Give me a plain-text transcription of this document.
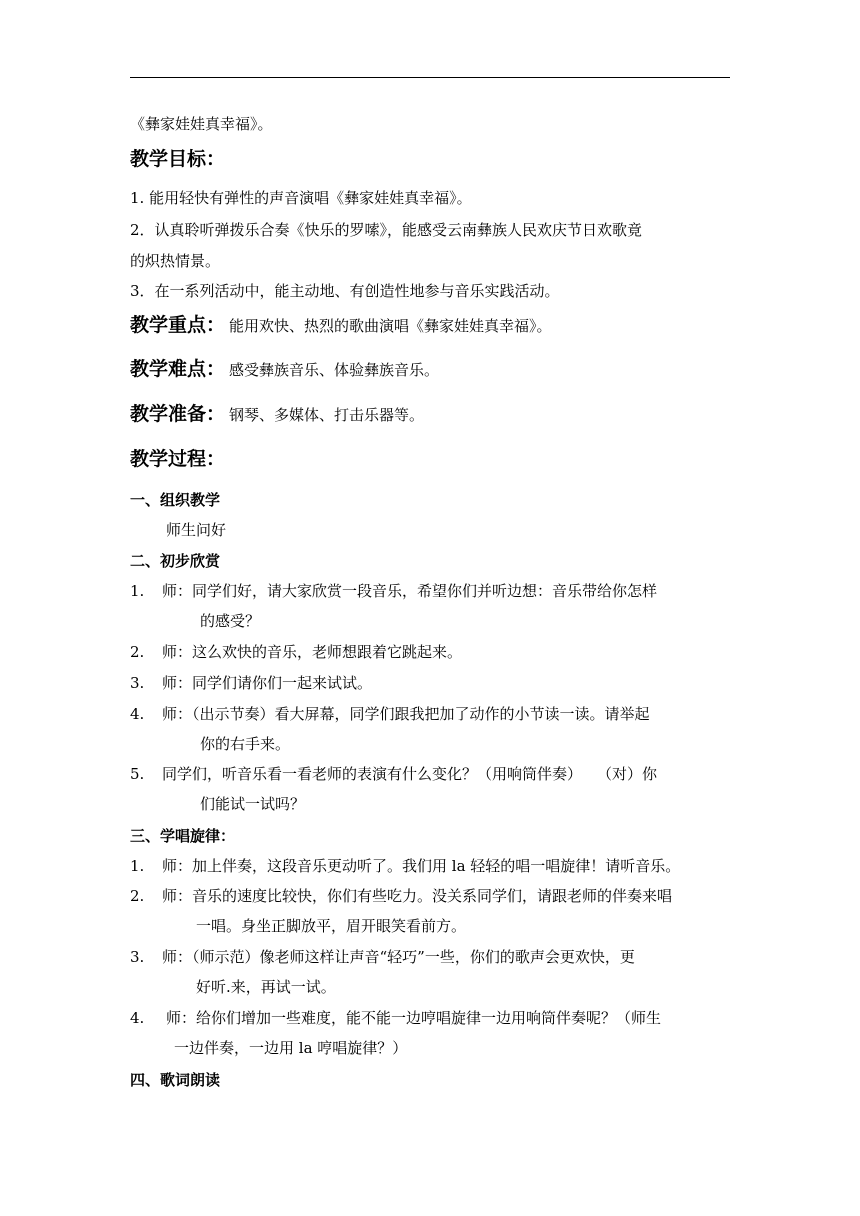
《彝家娃娃真幸福》。
教学目标：
1. 能用轻快有弹性的声音演唱《彝家娃娃真幸福》。
2．认真聆听弹拨乐合奏《快乐的罗嗦》，能感受云南彝族人民欢庆节日欢歌竟
的炽热情景。
3．在一系列活动中，能主动地、有创造性地参与音乐实践活动。
教学重点： 能用欢快、热烈的歌曲演唱《彝家娃娃真幸福》。
教学难点： 感受彝族音乐、体验彝族音乐。
教学准备： 钢琴、多媒体、打击乐器等。
教学过程：
一、组织教学
师生问好
二、初步欣赏
1. 师：同学们好，请大家欣赏一段音乐，希望你们并听边想：音乐带给你怎样
的感受？
2. 师：这么欢快的音乐，老师想跟着它跳起来。
3. 师：同学们请你们一起来试试。
4. 师：（出示节奏）看大屏幕，同学们跟我把加了动作的小节读一读。请举起
你的右手来。
5. 同学们，听音乐看一看老师的表演有什么变化？（用响筒伴奏）　　（对）你
们能试一试吗？
三、学唱旋律：
1. 师：加上伴奏，这段音乐更动听了。我们用 la 轻轻的唱一唱旋律！请听音乐。
2. 师：音乐的速度比较快，你们有些吃力。没关系同学们，请跟老师的伴奏来唱
一唱。身坐正脚放平，眉开眼笑看前方。
3. 师：（师示范）像老师这样让声音“轻巧”一些，你们的歌声会更欢快，更
好听.来，再试一试。
4. 师：给你们增加一些难度，能不能一边哼唱旋律一边用响筒伴奏呢？（师生
一边伴奏，一边用 la 哼唱旋律？）
四、歌词朗读
